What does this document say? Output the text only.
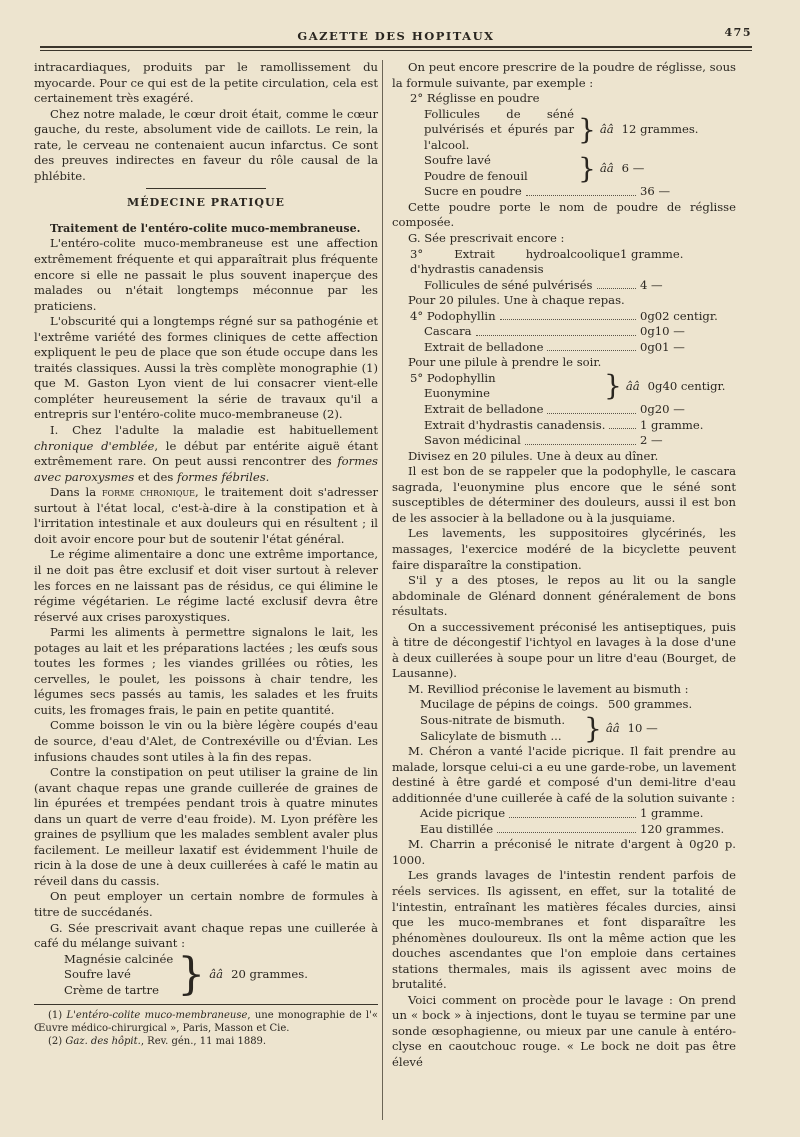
GAZETTE DES HOPITAUX	475

intracardiaques, produits par le ramollissement du myocarde. Pour ce qui est de la petite circulation, cela est certainement très exagéré.

Chez notre malade, le cœur droit était, comme le cœur gauche, du reste, absolument vide de caillots. Le rein, la rate, le cerveau ne contenaient aucun infarctus. Ce sont des preuves indirectes en faveur du rôle causal de la phlébite.

MÉDECINE PRATIQUE

Traitement de l'entéro-colite muco-membraneuse.

L'entéro-colite muco-membraneuse est une affection extrêmement fréquente et qui apparaîtrait plus fréquente encore si elle ne passait le plus souvent inaperçue des malades ou n'était longtemps méconnue par les praticiens.

L'obscurité qui a longtemps régné sur sa pathogénie et l'extrême variété des formes cliniques de cette affection expliquent le peu de place que son étude occupe dans les traités classiques. Aussi la très complète monographie (1) que M. Gaston Lyon vient de lui consacrer vient-elle compléter heureusement la série de travaux qu'il a entrepris sur l'entéro-colite muco-membraneuse (2).

I. Chez l'adulte la maladie est habituellement chronique d'emblée, le début par entérite aiguë étant extrêmement rare. On peut aussi rencontrer des formes avec paroxysmes et des formes fébriles.

Dans la forme chronique, le traitement doit s'adresser surtout à l'état local, c'est-à-dire à la constipation et à l'irritation intestinale et aux douleurs qui en résultent ; il doit avoir encore pour but de soutenir l'état général.

Le régime alimentaire a donc une extrême importance, il ne doit pas être exclusif et doit viser surtout à relever les forces en ne laissant pas de résidus, ce qui élimine le régime végétarien. Le régime lacté exclusif devra être réservé aux crises paroxystiques.

Parmi les aliments à permettre signalons le lait, les potages au lait et les préparations lactées ; les œufs sous toutes les formes ; les viandes grillées ou rôties, les cervelles, le poulet, les poissons à chair tendre, les légumes secs passés au tamis, les salades et les fruits cuits, les fromages frais, le pain en petite quantité.

Comme boisson le vin ou la bière légère coupés d'eau de source, d'eau d'Alet, de Contrexéville ou d'Évian. Les infusions chaudes sont utiles à la fin des repas.

Contre la constipation on peut utiliser la graine de lin (avant chaque repas une grande cuillerée de graines de lin épurées et trempées pendant trois à quatre minutes dans un quart de verre d'eau froide). M. Lyon préfère les graines de psyllium que les malades semblent avaler plus facilement. Le meilleur laxatif est évidemment l'huile de ricin à la dose de une à deux cuillerées à café le matin au réveil dans du cassis.

On peut employer un certain nombre de formules à titre de succédanés.

G. Sée prescrivait avant chaque repas une cuillerée à café du mélange suivant :

Magnésie calcinée
Soufre lavé
Crème de tartre } ââ 20 grammes.

(1) L'entéro-colite muco-membraneuse, une monographie de l'« Œuvre médico-chirurgical », Paris, Masson et Cie.

(2) Gaz. des hôpit., Rev. gén., 11 mai 1889.

On peut encore prescrire de la poudre de réglisse, sous la formule suivante, par exemple :

2° Réglisse en poudre
Follicules de séné pulvérisés et épurés par l'alcool.	} ââ 12 grammes.
Soufre lavé
Poudre de fenouil	} ââ 6 —
Sucre en poudre	36 —

Cette poudre porte le nom de poudre de réglisse composée.

G. Sée prescrivait encore :

3° Extrait hydroalcoolique d'hydrastis canadensis
1 gramme.
Follicules de séné pulvérisés	4 —

Pour 20 pilules. Une à chaque repas.

4° Podophyllin	0g02 centigr.
Cascara	0g10 —
Extrait de belladone	0g01 —

Pour une pilule à prendre le soir.

5° Podophyllin
Euonymine	} ââ 0g40 centigr.
Extrait de belladone	0g20 —
Extrait d'hydrastis canadensis.	1 gramme.
Savon médicinal	2 —

Divisez en 20 pilules. Une à deux au dîner.

Il est bon de se rappeler que la podophylle, le cascara sagrada, l'euonymine plus encore que le séné sont susceptibles de déterminer des douleurs, aussi il est bon de les associer à la belladone ou à la jusquiame.

Les lavements, les suppositoires glycérinés, les massages, l'exercice modéré de la bicyclette peuvent faire disparaître la constipation.

S'il y a des ptoses, le repos au lit ou la sangle abdominale de Glénard donnent généralement de bons résultats.

On a successivement préconisé les antiseptiques, puis à titre de décongestif l'ichtyol en lavages à la dose d'une à deux cuillerées à soupe pour un litre d'eau (Bourget, de Lausanne).

M. Revilliod préconise le lavement au bismuth :

Mucilage de pépins de coings. 500 grammes.
Sous-nitrate de bismuth.
Salicylate de bismuth ... } ââ 10 —

M. Chéron a vanté l'acide picrique. Il fait prendre au malade, lorsque celui-ci a eu une garde-robe, un lavement destiné à être gardé et composé d'un demi-litre d'eau additionnée d'une cuillerée à café de la solution suivante :

Acide picrique	1 gramme.
Eau distillée	120 grammes.

M. Charrin a préconisé le nitrate d'argent à 0g20 p. 1000.

Les grands lavages de l'intestin rendent parfois de réels services. Ils agissent, en effet, sur la totalité de l'intestin, entraînant les matières fécales durcies, ainsi que les muco-membranes et font disparaître les phénomènes douloureux. Ils ont la même action que les douches ascendantes que l'on emploie dans certaines stations thermales, mais ils agissent avec moins de brutalité.

Voici comment on procède pour le lavage : On prend un « bock » à injections, dont le tuyau se termine par une sonde œsophagienne, ou mieux par une canule à entéro-clyse en caoutchouc rouge. « Le bock ne doit pas être élevé
